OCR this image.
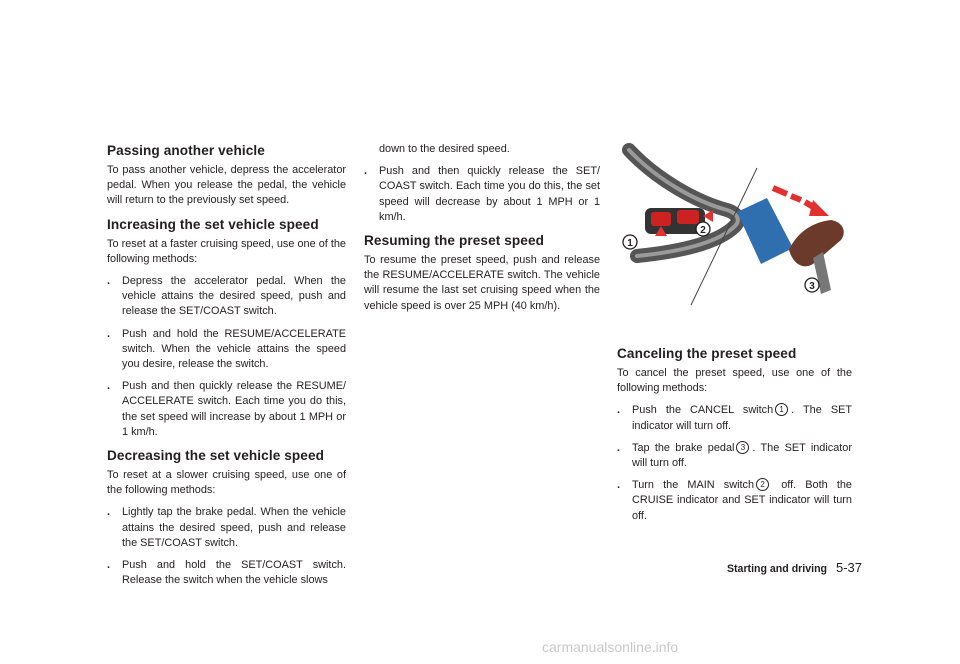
Passing another vehicle

To pass another vehicle, depress the accelerator pedal. When you release the pedal, the vehicle will return to the previously set speed.

Increasing the set vehicle speed

To reset at a faster cruising speed, use one of the following methods:

. Depress the accelerator pedal. When the vehicle attains the desired speed, push and release the SET/COAST switch.
. Push and hold the RESUME/ACCELERATE switch. When the vehicle attains the speed you desire, release the switch.
. Push and then quickly release the RESUME/ ACCELERATE switch. Each time you do this, the set speed will increase by about 1 MPH or 1 km/h.
Decreasing the set vehicle speed

To reset at a slower cruising speed, use one of the following methods:

. Lightly tap the brake pedal. When the vehicle attains the desired speed, push and release the SET/COAST switch.
. Push and hold the SET/COAST switch. Release the switch when the vehicle slows
down to the desired speed.
. Push and then quickly release the SET/ COAST switch. Each time you do this, the set speed will decrease by about 1 MPH or 1 km/h.
Resuming the preset speed

To resume the preset speed, push and release the RESUME/ACCELERATE switch. The vehicle will resume the last set cruising speed when the vehicle speed is over 25 MPH (40 km/h).

1
2
3
Canceling the preset speed

To cancel the preset speed, use one of the following methods:

. Push the CANCEL switch 1 . The SET indicator will turn off.
. Tap the brake pedal 3 . The SET indicator will turn off.
. Turn the MAIN switch 2 off. Both the CRUISE indicator and SET indicator will turn off.
Starting and driving 5-37
carmanualsonline.info
